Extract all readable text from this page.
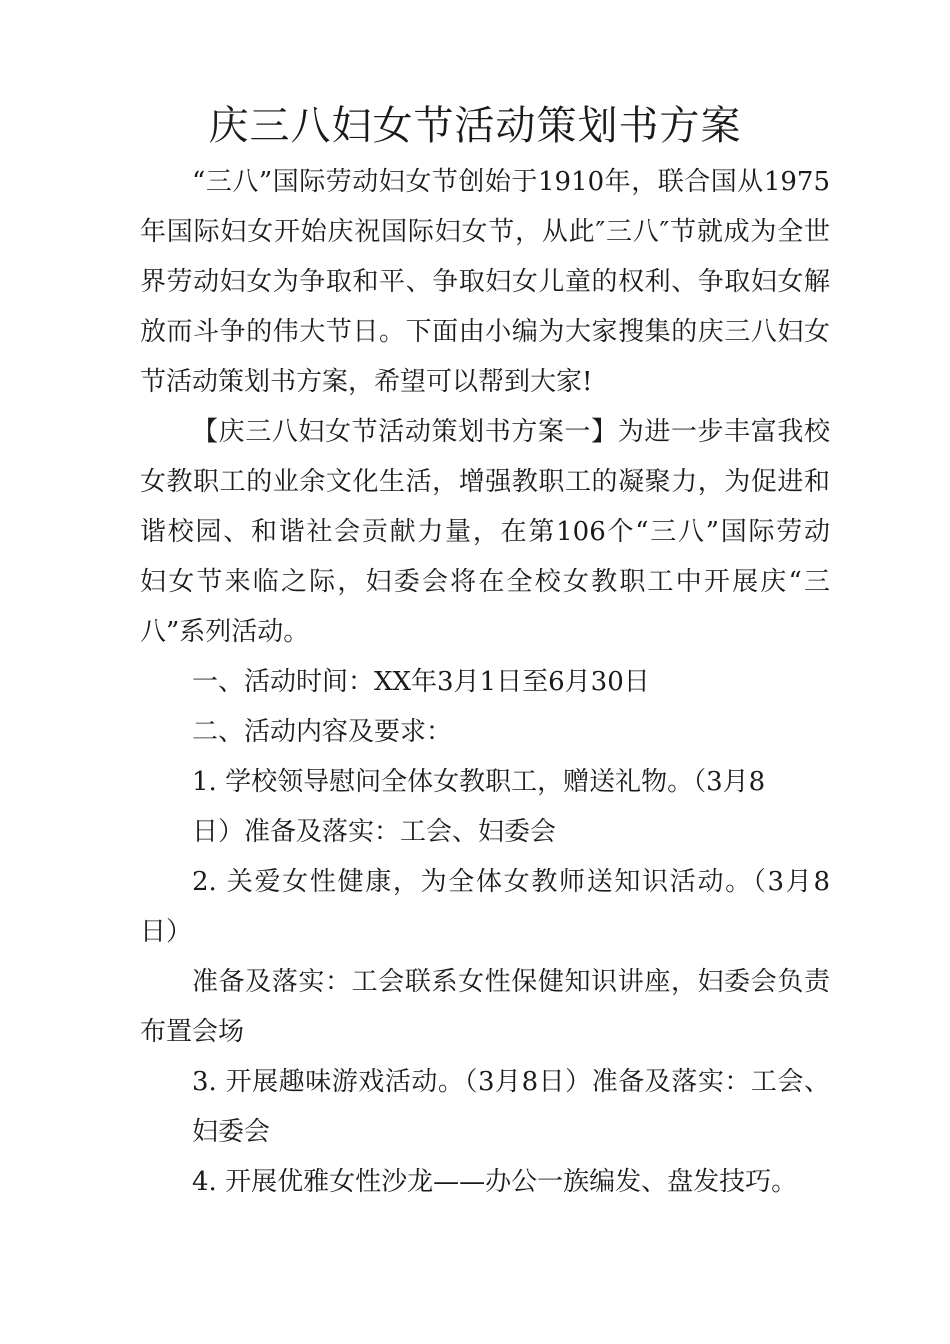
庆三八妇女节活动策划书方案
“三八”国际劳动妇女节创始于1910年，联合国从1975
年国际妇女开始庆祝国际妇女节，从此″三八″节就成为全世
界劳动妇女为争取和平、争取妇女儿童的权利、争取妇女解
放而斗争的伟大节日。下面由小编为大家搜集的庆三八妇女
节活动策划书方案，希望可以帮到大家!
【庆三八妇女节活动策划书方案一】为进一步丰富我校
女教职工的业余文化生活，增强教职工的凝聚力，为促进和
谐校园、和谐社会贡献力量，在第106个“三八”国际劳动
妇女节来临之际，妇委会将在全校女教职工中开展庆“三
八”系列活动。
一、活动时间：XX年3月1日至6月30日
二、活动内容及要求：
1. 学校领导慰问全体女教职工，赠送礼物。（3月8
日）准备及落实：工会、妇委会
2. 关爱女性健康，为全体女教师送知识活动。（3月8
日）
准备及落实：工会联系女性保健知识讲座，妇委会负责
布置会场
3. 开展趣味游戏活动。（3月8日）准备及落实：工会、
妇委会
4. 开展优雅女性沙龙——办公一族编发、盘发技巧。
